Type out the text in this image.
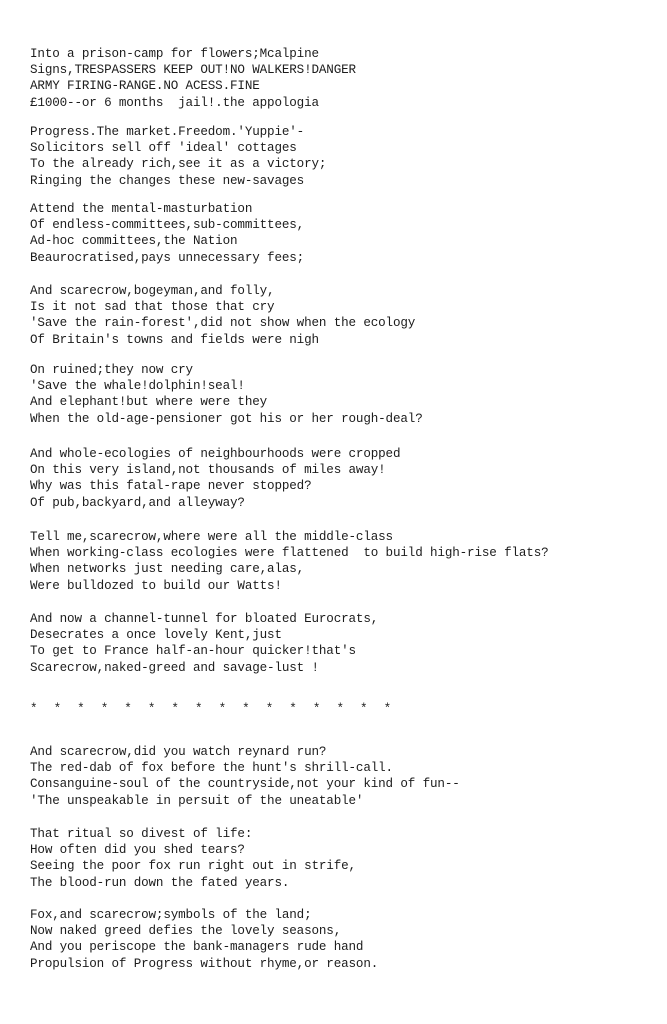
Into a prison-camp for flowers;Mcalpine
Signs,TRESPASSERS KEEP OUT!NO WALKERS!DANGER
ARMY FIRING-RANGE.NO ACESS.FINE
£1000--or 6 months  jail!.the appologia
Progress.The market.Freedom.'Yuppie'-
Solicitors sell off 'ideal' cottages
To the already rich,see it as a victory;
Ringing the changes these new-savages
Attend the mental-masturbation
Of endless-committees,sub-committees,
Ad-hoc committees,the Nation
Beaurocratised,pays unnecessary fees;
And scarecrow,bogeyman,and folly,
Is it not sad that those that cry
'Save the rain-forest',did not show when the ecology
Of Britain's towns and fields were nigh
On ruined;they now cry
'Save the whale!dolphin!seal!
And elephant!but where were they
When the old-age-pensioner got his or her rough-deal?
And whole-ecologies of neighbourhoods were cropped
On this very island,not thousands of miles away!
Why was this fatal-rape never stopped?
Of pub,backyard,and alleyway?
Tell me,scarecrow,where were all the middle-class
When working-class ecologies were flattened  to build high-rise flats?
When networks just needing care,alas,
Were bulldozed to build our Watts!
And now a channel-tunnel for bloated Eurocrats,
Desecrates a once lovely Kent,just
To get to France half-an-hour quicker!that's
Scarecrow,naked-greed and savage-lust !
*  *  *  *  *  *  *  *  *  *  *  *  *  *  *  *
And scarecrow,did you watch reynard run?
The red-dab of fox before the hunt's shrill-call.
Consanguine-soul of the countryside,not your kind of fun--
'The unspeakable in persuit of the uneatable'
That ritual so divest of life:
How often did you shed tears?
Seeing the poor fox run right out in strife,
The blood-run down the fated years.
Fox,and scarecrow;symbols of the land;
Now naked greed defies the lovely seasons,
And you periscope the bank-managers rude hand
Propulsion of Progress without rhyme,or reason.
